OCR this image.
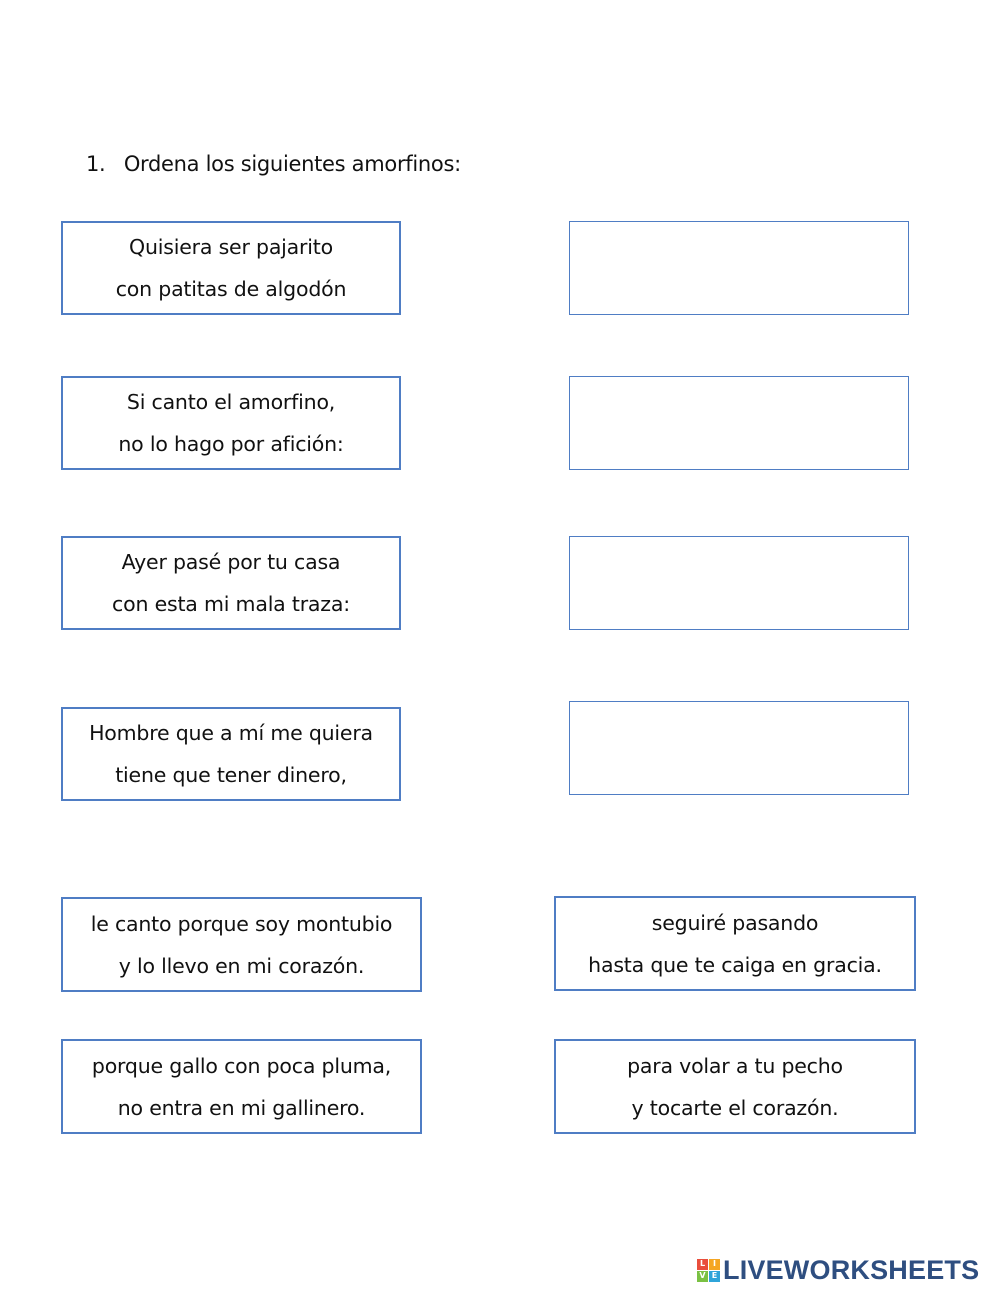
1. Ordena los siguientes amorfinos:
Quisiera ser pajarito
con patitas de algodón
Si canto el amorfino,
no lo hago por afición:
Ayer pasé por tu casa
con esta mi mala traza:
Hombre que a mí me quiera
tiene que tener dinero,
le canto porque soy montubio
y lo llevo en mi corazón.
seguiré pasando
hasta que te caiga en gracia.
porque gallo con poca pluma,
no entra en mi gallinero.
para volar a tu pecho
y tocarte el corazón.
L I
V E LIVEWORKSHEETS
